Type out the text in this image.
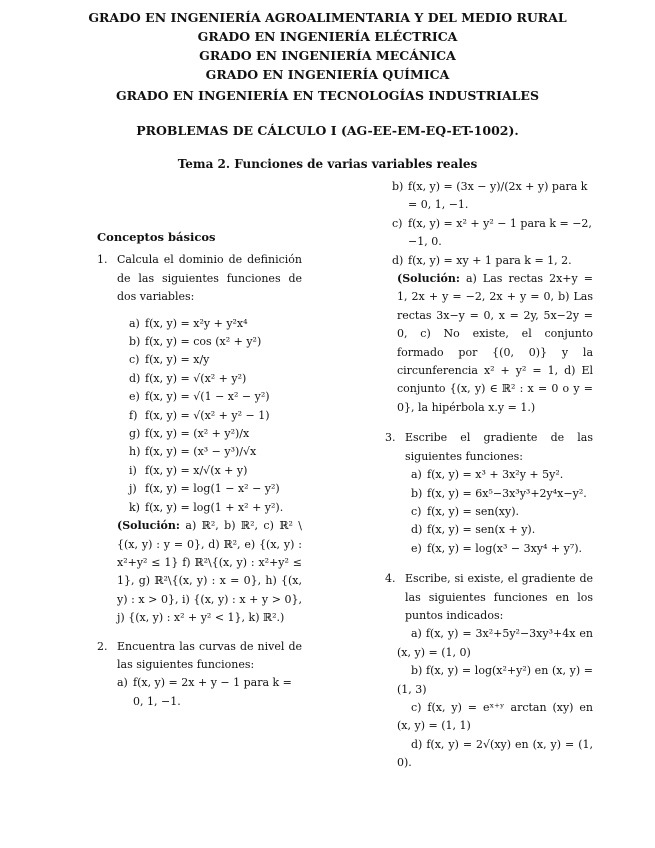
GRADO EN INGENIERÍA AGROALIMENTARIA Y DEL MEDIO RURAL
GRADO EN INGENIERÍA ELÉCTRICA
GRADO EN INGENIERÍA MECÁNICA
GRADO EN INGENIERÍA QUÍMICA
GRADO EN INGENIERÍA EN TECNOLOGÍAS INDUSTRIALES
PROBLEMAS DE CÁLCULO I (AG-EE-EM-EQ-ET-1002).
Tema 2. Funciones de varias variables reales
Conceptos básicos
1. Calcula el dominio de definición de las siguientes funciones de dos variables:
a) f(x, y) = x²y + y²x⁴
b) f(x, y) = cos (x² + y²)
c) f(x, y) = x/y
d) f(x, y) = √(x² + y²)
e) f(x, y) = √(1 − x² − y²)
f) f(x, y) = √(x² + y² − 1)
g) f(x, y) = (x² + y²)/x
h) f(x, y) = (x³ − y³)/√x
i) f(x, y) = x/√(x + y)
j) f(x, y) = log(1 − x² − y²)
k) f(x, y) = log(1 + x² + y²).
(Solución: a) ℝ², b) ℝ², c) ℝ² \ {(x, y) : y = 0}, d) ℝ², e) {(x, y) : x²+y² ≤ 1} f) ℝ²\{(x, y) : x²+y² ≤ 1}, g) ℝ²\{(x, y) : x = 0}, h) {(x, y) : x > 0}, i) {(x, y) : x + y > 0}, j) {(x, y) : x² + y² < 1}, k) ℝ².)
2. Encuentra las curvas de nivel de las siguientes funciones:
a) f(x, y) = 2x + y − 1 para k = 0, 1, −1.
b) f(x, y) = (3x − y)/(2x + y) para k = 0, 1, −1.
c) f(x, y) = x² + y² − 1 para k = −2, −1, 0.
d) f(x, y) = xy + 1 para k = 1, 2.
(Solución: a) Las rectas 2x+y = 1, 2x + y = −2, 2x + y = 0, b) Las rectas 3x−y = 0, x = 2y, 5x−2y = 0, c) No existe, el conjunto formado por {(0, 0)} y la circunferencia x² + y² = 1, d) El conjunto {(x, y) ∈ ℝ² : x = 0 o y = 0}, la hipérbola x.y = 1.)
3. Escribe el gradiente de las siguientes funciones:
a) f(x, y) = x³ + 3x²y + 5y².
b) f(x, y) = 6x⁵−3x³y³+2y⁴x−y².
c) f(x, y) = sen(xy).
d) f(x, y) = sen(x + y).
e) f(x, y) = log(x³ − 3xy⁴ + y⁷).
4. Escribe, si existe, el gradiente de las siguientes funciones en los puntos indicados:
a) f(x, y) = 3x²+5y²−3xy³+4x en (x, y) = (1, 0)
b) f(x, y) = log(x²+y²) en (x, y) = (1, 3)
c) f(x, y) = eˣ⁺ʸ arctan (xy) en (x, y) = (1, 1)
d) f(x, y) = 2√(xy) en (x, y) = (1, 0).
